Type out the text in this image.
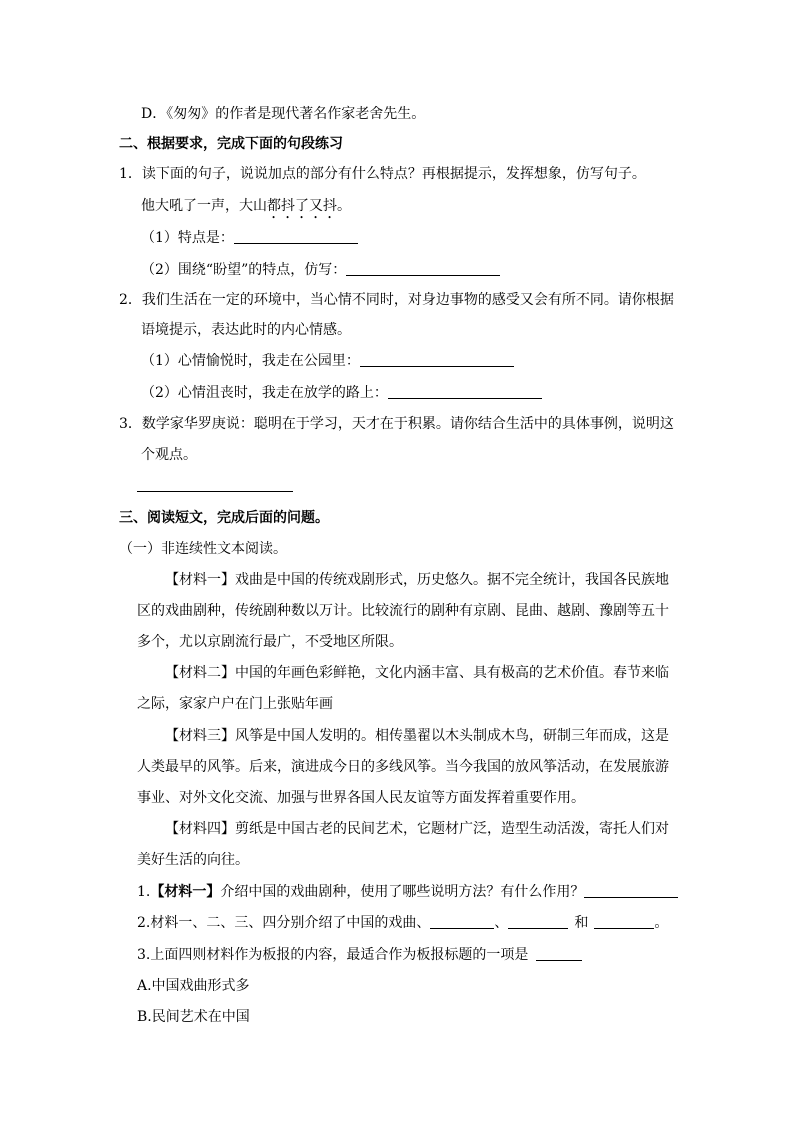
D．《匆匆》的作者是现代著名作家老舍先生。
二、根据要求，完成下面的句段练习
1．读下面的句子，说说加点的部分有什么特点？再根据提示，发挥想象，仿写句子。
他大吼了一声，大山都抖了又抖。
（1）特点是：
（2）围绕“盼望”的特点，仿写：
2．我们生活在一定的环境中，当心情不同时，对身边事物的感受又会有所不同。请你根据
语境提示，表达此时的内心情感。
（1）心情愉悦时，我走在公园里：
（2）心情沮丧时，我走在放学的路上：
3．数学家华罗庚说：聪明在于学习，天才在于积累。请你结合生活中的具体事例，说明这
个观点。
三、阅读短文，完成后面的问题。
（一）非连续性文本阅读。
【材料一】戏曲是中国的传统戏剧形式，历史悠久。据不完全统计，我国各民族地
区的戏曲剧种，传统剧种数以万计。比较流行的剧种有京剧、昆曲、越剧、豫剧等五十
多个，尤以京剧流行最广，不受地区所限。
【材料二】中国的年画色彩鲜艳，文化内涵丰富、具有极高的艺术价值。春节来临
之际，家家户户在门上张贴年画
【材料三】风筝是中国人发明的。相传墨翟以木头制成木鸟，研制三年而成，这是
人类最早的风筝。后来，演进成今日的多线风筝。当今我国的放风筝活动，在发展旅游
事业、对外文化交流、加强与世界各国人民友谊等方面发挥着重要作用。
【材料四】剪纸是中国古老的民间艺术，它题材广泛，造型生动活泼，寄托人们对
美好生活的向往。
1.【材料一】介绍中国的戏曲剧种，使用了哪些说明方法？有什么作用？
2.材料一、二、三、四分别介绍了中国的戏曲、	、	和	。
3.上面四则材料作为板报的内容，最适合作为板报标题的一项是
A.中国戏曲形式多
B.民间艺术在中国
